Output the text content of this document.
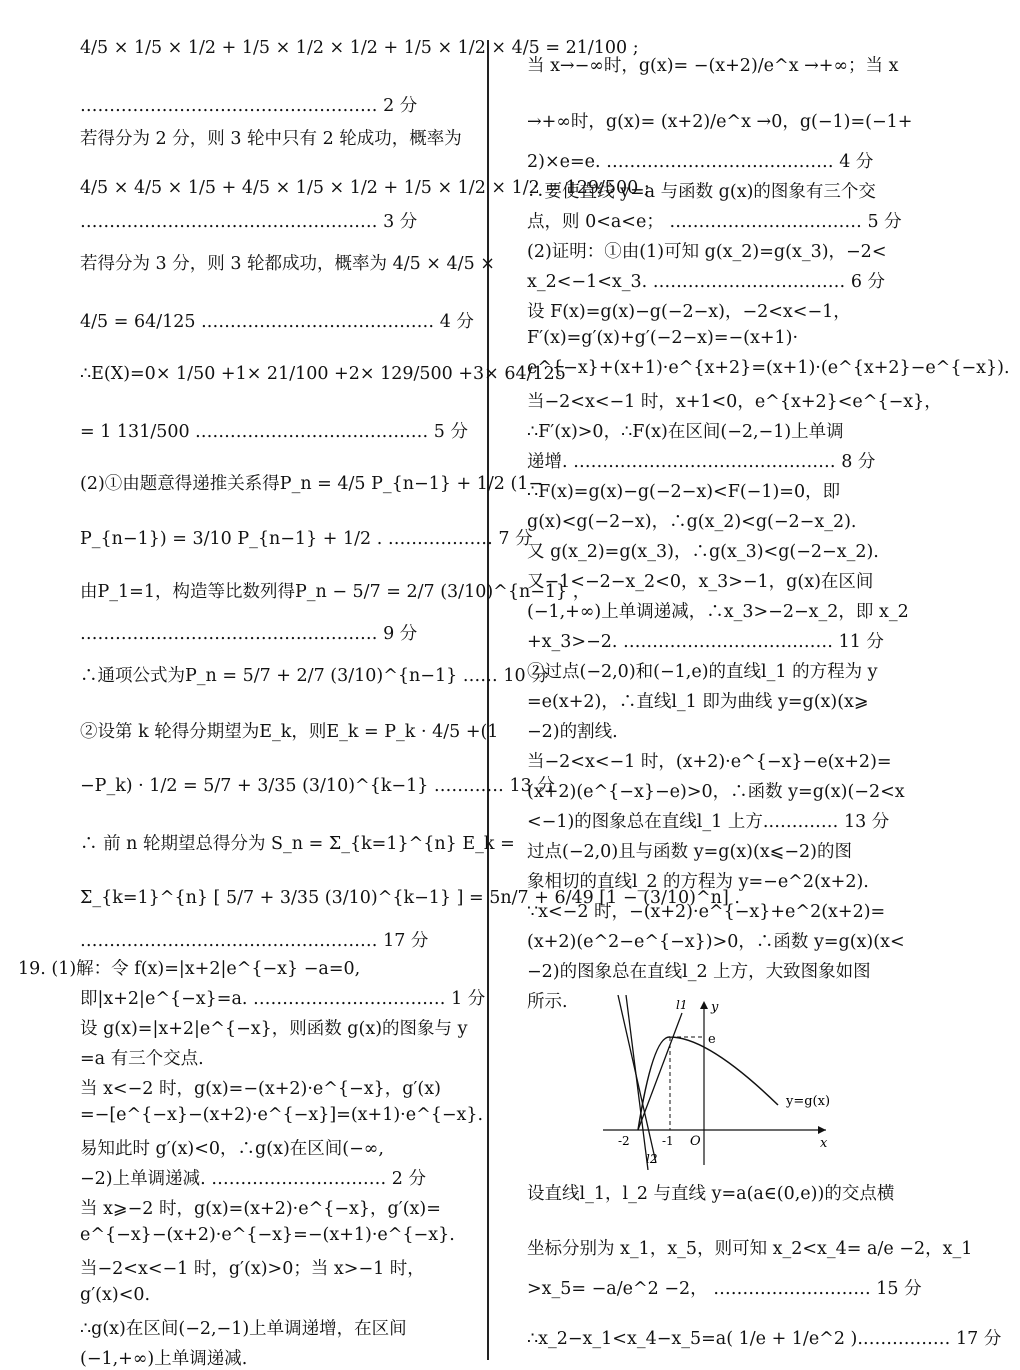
4/5 × 1/5 × 1/2 + 1/5 × 1/2 × 1/2 + 1/5 × 1/2 × 4/5 = 21/100 ;
…………………………………………… 2 分
若得分为 2 分，则 3 轮中只有 2 轮成功，概率为
4/5 × 4/5 × 1/5 + 4/5 × 1/5 × 1/2 + 1/5 × 1/2 × 1/2 = 129/500 ;
…………………………………………… 3 分
若得分为 3 分，则 3 轮都成功，概率为 4/5 × 4/5 ×
4/5 = 64/125 .………………………………… 4 分
∴E(X)=0× 1/50 +1× 21/100 +2× 129/500 +3× 64/125
= 1 131/500 .………………………………… 5 分
(2)①由题意得递推关系得P_n = 4/5 P_{n−1} + 1/2 (1−
P_{n−1}) = 3/10 P_{n−1} + 1/2 . ……………… 7 分
由P_1=1，构造等比数列得P_n − 5/7 = 2/7 (3/10)^{n−1} ，
…………………………………………… 9 分
∴通项公式为P_n = 5/7 + 2/7 (3/10)^{n−1} …… 10 分
②设第 k 轮得分期望为E_k，则E_k = P_k · 4/5 +(1
−P_k) · 1/2 = 5/7 + 3/35 (3/10)^{k−1} ………… 13 分
∴ 前 n 轮期望总得分为 S_n = Σ_{k=1}^{n} E_k =
Σ_{k=1}^{n} [ 5/7 + 3/35 (3/10)^{k−1} ] = 5n/7 + 6/49 [1 − (3/10)^n] .
…………………………………………… 17 分
19. (1)解：令 f(x)=|x+2|e^{−x} −a=0,
即|x+2|e^{−x}=a. …………………………… 1 分
设 g(x)=|x+2|e^{−x}，则函数 g(x)的图象与 y
=a 有三个交点.
当 x<−2 时，g(x)=−(x+2)·e^{−x}，g′(x)
=−[e^{−x}−(x+2)·e^{−x}]=(x+1)·e^{−x}.
易知此时 g′(x)<0，∴g(x)在区间(−∞,
−2)上单调递减. ………………………… 2 分
当 x⩾−2 时，g(x)=(x+2)·e^{−x}，g′(x)=
e^{−x}−(x+2)·e^{−x}=−(x+1)·e^{−x}.
当−2<x<−1 时，g′(x)>0；当 x>−1 时，
g′(x)<0.
∴g(x)在区间(−2,−1)上单调递增，在区间
(−1,+∞)上单调递减.
当 x→−∞时，g(x)= −(x+2)/e^x →+∞；当 x
→+∞时，g(x)= (x+2)/e^x →0，g(−1)=(−1+
2)×e=e. ………………………………… 4 分
∴要使直线 y=a 与函数 g(x)的图象有三个交
点，则 0<a<e； …………………………… 5 分
(2)证明：①由(1)可知 g(x_2)=g(x_3)，−2<
x_2<−1<x_3. …………………………… 6 分
设 F(x)=g(x)−g(−2−x)，−2<x<−1，
F′(x)=g′(x)+g′(−2−x)=−(x+1)·
e^{−x}+(x+1)·e^{x+2}=(x+1)·(e^{x+2}−e^{−x}).
当−2<x<−1 时，x+1<0，e^{x+2}<e^{−x}，
∴F′(x)>0，∴F(x)在区间(−2,−1)上单调
递增. ……………………………………… 8 分
∴F(x)=g(x)−g(−2−x)<F(−1)=0，即
g(x)<g(−2−x)，∴g(x_2)<g(−2−x_2).
又 g(x_2)=g(x_3)，∴g(x_3)<g(−2−x_2).
又−1<−2−x_2<0，x_3>−1，g(x)在区间
(−1,+∞)上单调递减，∴x_3>−2−x_2，即 x_2
+x_3>−2. ……………………………… 11 分
②过点(−2,0)和(−1,e)的直线l_1 的方程为 y
=e(x+2)，∴直线l_1 即为曲线 y=g(x)(x⩾
−2)的割线.
当−2<x<−1 时，(x+2)·e^{−x}−e(x+2)=
(x+2)(e^{−x}−e)>0，∴函数 y=g(x)(−2<x
<−1)的图象总在直线l_1 上方.………… 13 分
过点(−2,0)且与函数 y=g(x)(x⩽−2)的图
象相切的直线l_2 的方程为 y=−e^2(x+2).
∵x<−2 时，−(x+2)·e^{−x}+e^2(x+2)=
(x+2)(e^2−e^{−x})>0，∴函数 y=g(x)(x<
−2)的图象总在直线l_2 上方，大致图象如图
所示.
设直线l_1，l_2 与直线 y=a(a∈(0,e))的交点横
坐标分别为 x_1，x_5，则可知 x_2<x_4= a/e −2，x_1
>x_5= −a/e^2 −2， ……………………… 15 分
∴x_2−x_1<x_4−x_5=a( 1/e + 1/e^2 ).…………… 17 分
e
y
x
O
-2	-1
l1
l2
y=g(x)
